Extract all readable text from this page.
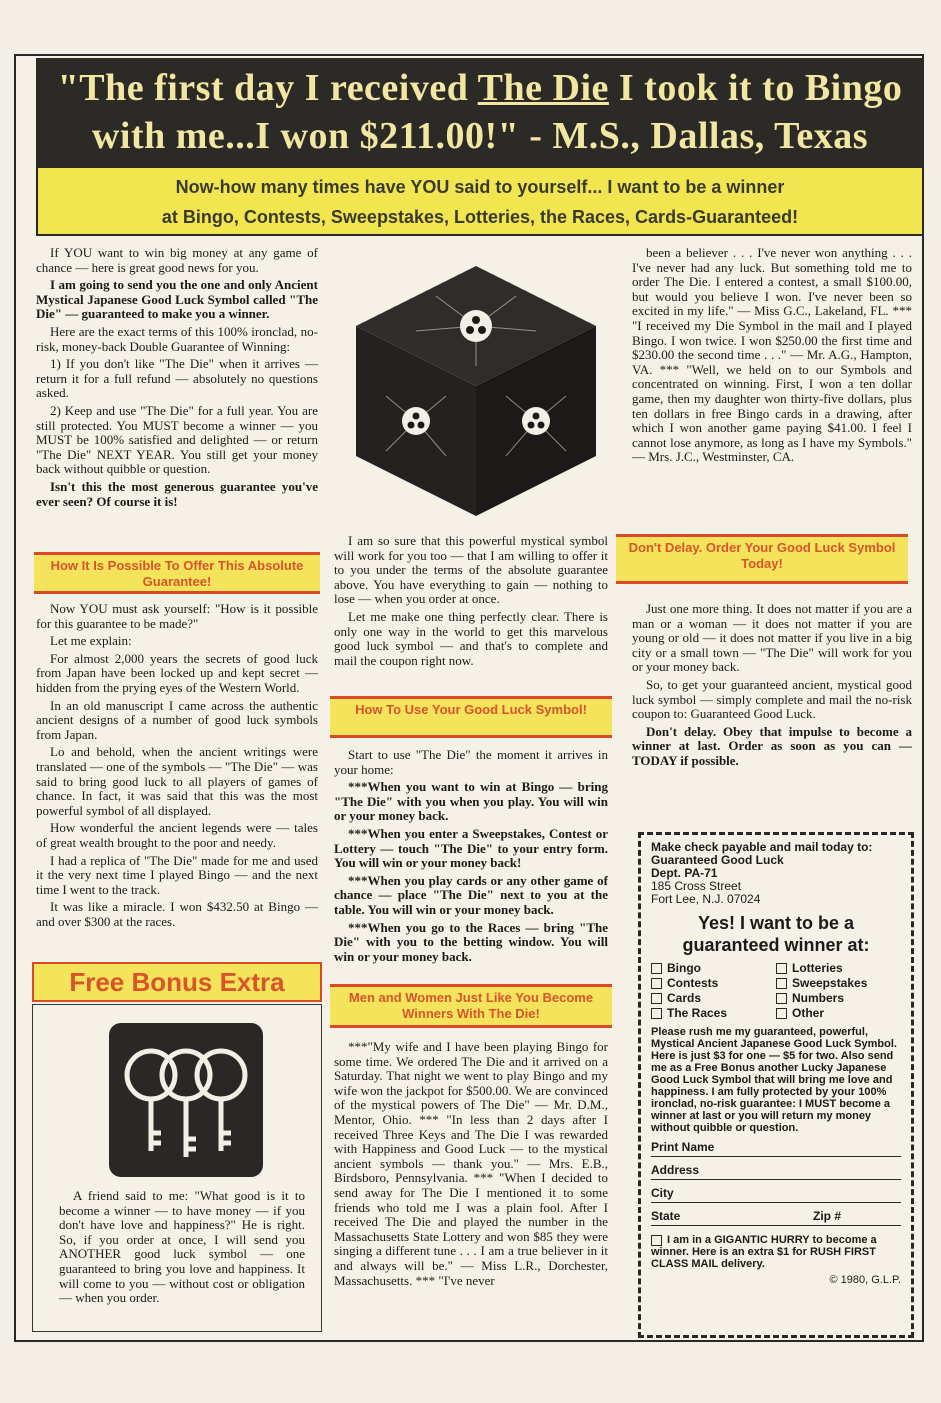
"The first day I received The Die I took it to Bingo
with me...I won $211.00!" - M.S., Dallas, Texas
Now-how many times have YOU said to yourself... I want to be a winner
at Bingo, Contests, Sweepstakes, Lotteries, the Races, Cards-Guaranteed!

If YOU want to win big money at any game of chance — here is great good news for you.

I am going to send you the one and only Ancient Mystical Japanese Good Luck Symbol called "The Die" — guaranteed to make you a winner.

Here are the exact terms of this 100% ironclad, no-risk, money-back Double Guarantee of Winning:

1) If you don't like "The Die" when it arrives — return it for a full refund — absolutely no questions asked.

2) Keep and use "The Die" for a full year. You are still protected. You MUST become a winner — you MUST be 100% satisfied and delighted — or return "The Die" NEXT YEAR. You still get your money back without quibble or question.

Isn't this the most generous guarantee you've ever seen? Of course it is!

How It Is Possible To Offer This Absolute Guarantee!

Now YOU must ask yourself: "How is it possible for this guarantee to be made?"

Let me explain:

For almost 2,000 years the secrets of good luck from Japan have been locked up and kept secret — hidden from the prying eyes of the Western World.

In an old manuscript I came across the authentic ancient designs of a number of good luck symbols from Japan.

Lo and behold, when the ancient writings were translated — one of the symbols — "The Die" — was said to bring good luck to all players of games of chance. In fact, it was said that this was the most powerful symbol of all displayed.

How wonderful the ancient legends were — tales of great wealth brought to the poor and needy.

I had a replica of "The Die" made for me and used it the very next time I played Bingo — and the next time I went to the track.

It was like a miracle. I won $432.50 at Bingo — and over $300 at the races.

Free Bonus Extra

A friend said to me: "What good is it to become a winner — to have money — if you don't have love and happiness?" He is right. So, if you order at once, I will send you ANOTHER good luck symbol — one guaranteed to bring you love and happiness. It will come to you — without cost or obligation — when you order.

I am so sure that this powerful mystical symbol will work for you too — that I am willing to offer it to you under the terms of the absolute guarantee above. You have everything to gain — nothing to lose — when you order at once.

Let me make one thing perfectly clear. There is only one way in the world to get this marvelous good luck symbol — and that's to complete and mail the coupon right now.

How To Use Your Good Luck Symbol!

Start to use "The Die" the moment it arrives in your home:

***When you want to win at Bingo — bring "The Die" with you when you play. You will win or your money back.

***When you enter a Sweepstakes, Contest or Lottery — touch "The Die" to your entry form. You will win or your money back!

***When you play cards or any other game of chance — place "The Die" next to you at the table. You will win or your money back.

***When you go to the Races — bring "The Die" with you to the betting window. You will win or your money back.

Men and Women Just Like You Become Winners With The Die!

***"My wife and I have been playing Bingo for some time. We ordered The Die and it arrived on a Saturday. That night we went to play Bingo and my wife won the jackpot for $500.00. We are convinced of the mystical powers of The Die" — Mr. D.M., Mentor, Ohio. *** "In less than 2 days after I received Three Keys and The Die I was rewarded with Happiness and Good Luck — to the mystical ancient symbols — thank you." — Mrs. E.B., Birdsboro, Pennsylvania. *** "When I decided to send away for The Die I mentioned it to some friends who told me I was a plain fool. After I received The Die and played the number in the Massachusetts State Lottery and won $85 they were singing a different tune . . . I am a true believer in it and always will be." — Miss L.R., Dorchester, Massachusetts. *** "I've never

been a believer . . . I've never won anything . . . I've never had any luck. But something told me to order The Die. I entered a contest, a small $100.00, but would you believe I won. I've never been so excited in my life." — Miss G.C., Lakeland, FL. *** "I received my Die Symbol in the mail and I played Bingo. I won twice. I won $250.00 the first time and $230.00 the second time . . ." — Mr. A.G., Hampton, VA. *** "Well, we held on to our Symbols and concentrated on winning. First, I won a ten dollar game, then my daughter won thirty-five dollars, plus ten dollars in free Bingo cards in a drawing, after which I won another game paying $41.00. I feel I cannot lose anymore, as long as I have my Symbols." — Mrs. J.C., Westminster, CA.

Don't Delay. Order Your Good Luck Symbol Today!

Just one more thing. It does not matter if you are a man or a woman — it does not matter if you are young or old — it does not matter if you live in a big city or a small town — "The Die" will work for you or your money back.

So, to get your guaranteed ancient, mystical good luck symbol — simply complete and mail the no-risk coupon to: Guaranteed Good Luck.

Don't delay. Obey that impulse to become a winner at last. Order as soon as you can — TODAY if possible.

Make check payable and mail today to:
Guaranteed Good Luck
Dept. PA-71
185 Cross Street
Fort Lee, N.J. 07024
Yes! I want to be a guaranteed winner at:
Bingo	Lotteries
Contests	Sweepstakes
Cards	Numbers
The Races	Other
Please rush me my guaranteed, powerful, Mystical Ancient Japanese Good Luck Symbol. Here is just $3 for one — $5 for two. Also send me as a Free Bonus another Lucky Japanese Good Luck Symbol that will bring me love and happiness. I am fully protected by your 100% ironclad, no-risk guarantee: I MUST become a winner at last or you will return my money without quibble or question.
Print Name
Address
City
State	Zip #
I am in a GIGANTIC HURRY to become a winner. Here is an extra $1 for RUSH FIRST CLASS MAIL delivery.
© 1980, G.L.P.
